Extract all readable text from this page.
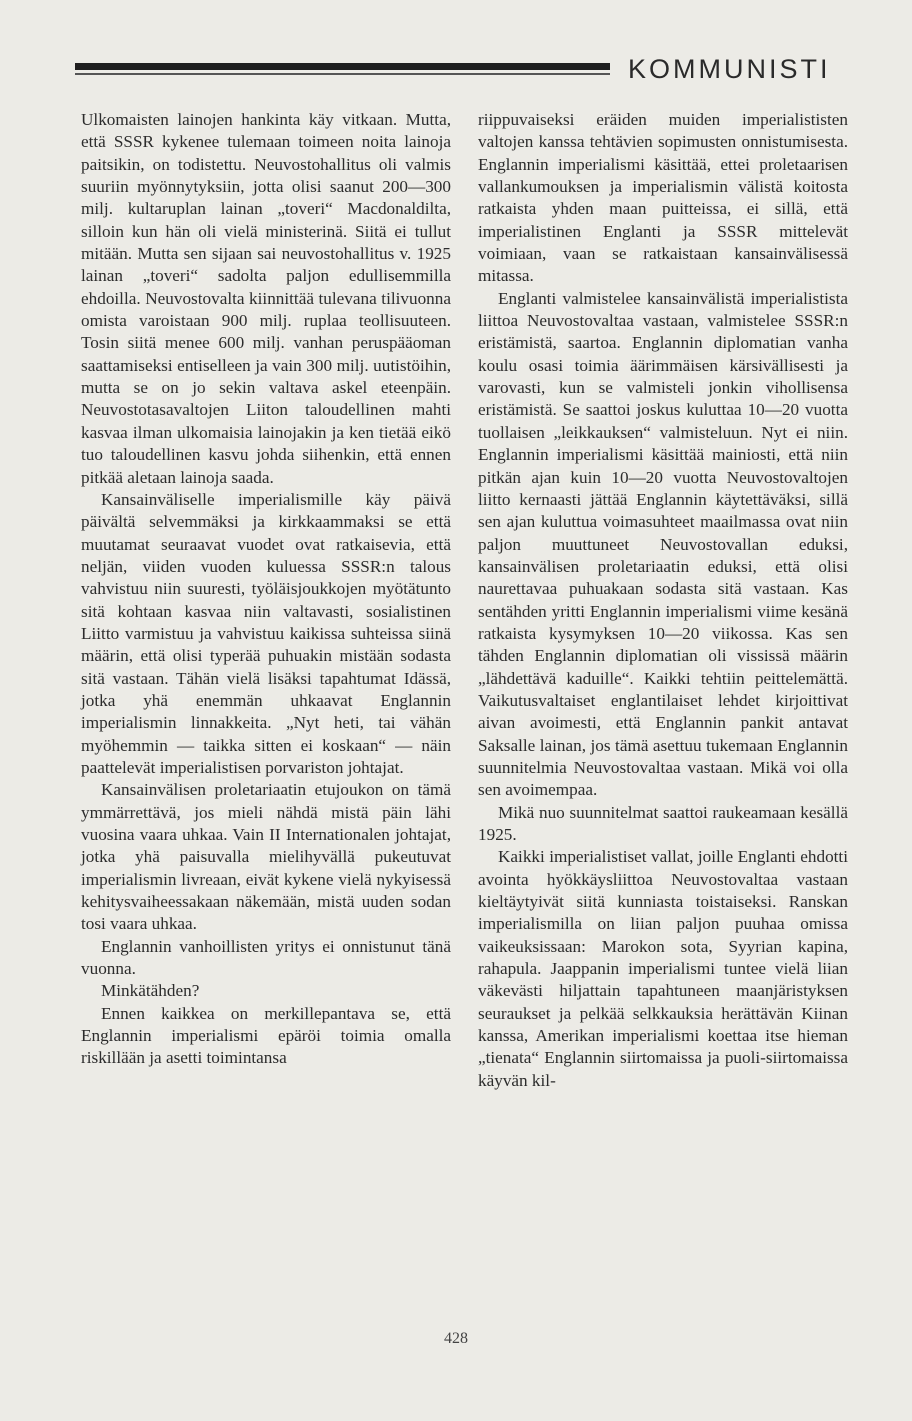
KOMMUNISTI

Ulkomaisten lainojen hankinta käy vitkaan. Mutta, että SSSR kykenee tulemaan toimeen noita lainoja paitsikin, on todistettu. Neuvostohallitus oli valmis suuriin myönnytyksiin, jotta olisi saanut 200—300 milj. kultaruplan lainan „toveri“ Macdonaldilta, silloin kun hän oli vielä ministerinä. Siitä ei tullut mitään. Mutta sen sijaan sai neuvostohallitus v. 1925 lainan „toveri“ sadolta paljon edullisemmilla ehdoilla. Neuvostovalta kiinnittää tulevana tilivuonna omista varoistaan 900 milj. ruplaa teollisuuteen. Tosin siitä menee 600 milj. vanhan peruspääoman saattamiseksi entiselleen ja vain 300 milj. uutistöihin, mutta se on jo sekin valtava askel eteenpäin. Neuvostotasavaltojen Liiton taloudellinen mahti kasvaa ilman ulkomaisia lainojakin ja ken tietää eikö tuo taloudellinen kasvu johda siihenkin, että ennen pitkää aletaan lainoja saada.

Kansainväliselle imperialismille käy päivä päivältä selvemmäksi ja kirkkaammaksi se että muutamat seuraavat vuodet ovat ratkaisevia, että neljän, viiden vuoden kuluessa SSSR:n talous vahvistuu niin suuresti, työläisjoukkojen myötätunto sitä kohtaan kasvaa niin valtavasti, sosialistinen Liitto varmistuu ja vahvistuu kaikissa suhteissa siinä määrin, että olisi typerää puhuakin mistään sodasta sitä vastaan. Tähän vielä lisäksi tapahtumat Idässä, jotka yhä enemmän uhkaavat Englannin imperialismin linnakkeita. „Nyt heti, tai vähän myöhemmin — taikka sitten ei koskaan“ — näin paattelevät imperialistisen porvariston johtajat.

Kansainvälisen proletariaatin etujoukon on tämä ymmärrettävä, jos mieli nähdä mistä päin lähi vuosina vaara uhkaa. Vain II Internationalen johtajat, jotka yhä paisuvalla mielihyvällä pukeutuvat imperialismin livreaan, eivät kykene vielä nykyisessä kehitysvaiheessakaan näkemään, mistä uuden sodan tosi vaara uhkaa.

Englannin vanhoillisten yritys ei onnistunut tänä vuonna.

Minkätähden?

Ennen kaikkea on merkillepantava se, että Englannin imperialismi epäröi toimia omalla riskillään ja asetti toimintansa

riippuvaiseksi eräiden muiden imperialististen valtojen kanssa tehtävien sopimusten onnistumisesta. Englannin imperialismi käsittää, ettei proletaarisen vallankumouksen ja imperialismin välistä koitosta ratkaista yhden maan puitteissa, ei sillä, että imperialistinen Englanti ja SSSR mittelevät voimiaan, vaan se ratkaistaan kansainvälisessä mitassa.

Englanti valmistelee kansainvälistä imperialistista liittoa Neuvostovaltaa vastaan, valmistelee SSSR:n eristämistä, saartoa. Englannin diplomatian vanha koulu osasi toimia äärimmäisen kärsivällisesti ja varovasti, kun se valmisteli jonkin vihollisensa eristämistä. Se saattoi joskus kuluttaa 10—20 vuotta tuollaisen „leikkauksen“ valmisteluun. Nyt ei niin. Englannin imperialismi käsittää mainiosti, että niin pitkän ajan kuin 10—20 vuotta Neuvostovaltojen liitto kernaasti jättää Englannin käytettäväksi, sillä sen ajan kuluttua voimasuhteet maailmassa ovat niin paljon muuttuneet Neuvostovallan eduksi, kansainvälisen proletariaatin eduksi, että olisi naurettavaa puhuakaan sodasta sitä vastaan. Kas sentähden yritti Englannin imperialismi viime kesänä ratkaista kysymyksen 10—20 viikossa. Kas sen tähden Englannin diplomatian oli vississä määrin „lähdettävä kaduille“. Kaikki tehtiin peittelemättä. Vaikutusvaltaiset englantilaiset lehdet kirjoittivat aivan avoimesti, että Englannin pankit antavat Saksalle lainan, jos tämä asettuu tukemaan Englannin suunnitelmia Neuvostovaltaa vastaan. Mikä voi olla sen avoimempaa.

Mikä nuo suunnitelmat saattoi raukeamaan kesällä 1925.

Kaikki imperialistiset vallat, joille Englanti ehdotti avointa hyökkäysliittoa Neuvostovaltaa vastaan kieltäytyivät siitä kunniasta toistaiseksi. Ranskan imperialismilla on liian paljon puuhaa omissa vaikeuksissaan: Marokon sota, Syyrian kapina, rahapula. Jaappanin imperialismi tuntee vielä liian väkevästi hiljattain tapahtuneen maanjäristyksen seuraukset ja pelkää selkkauksia herättävän Kiinan kanssa, Amerikan imperialismi koettaa itse hieman „tienata“ Englannin siirtomaissa ja puoli-siirtomaissa käyvän kil-

428
